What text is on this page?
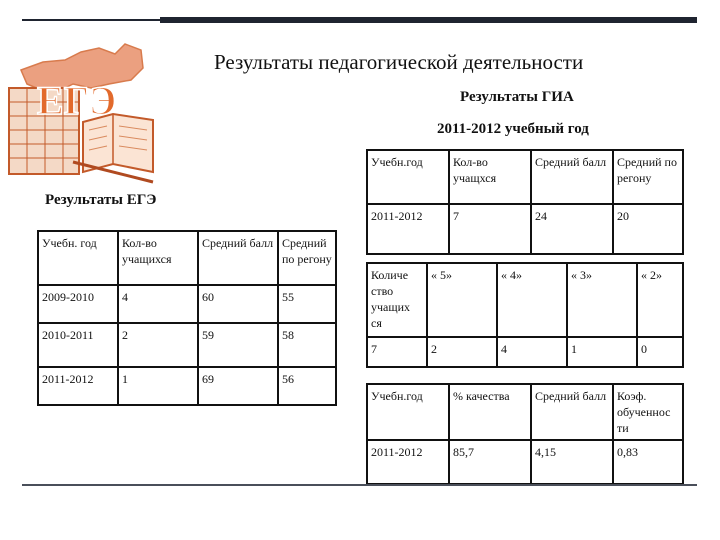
ЕГЭ
Результаты педагогической деятельности
Результаты ГИА
2011-2012 учебный год
Результаты ЕГЭ
Учебн. год	Кол-во учащихся	Средний балл	Средний по регону
2009-2010	4	60	55
2010-2011	2	59	58
2011-2012	1	69	56
Учебн.год	Кол-во учащхся	Средний балл	Средний по регону
2011-2012	7	24	20
Количе ство учащих ся	« 5»	« 4»	« 3»	« 2»
7	2	4	1	0
Учебн.год	% качества	Средний балл	Коэф. обученнос ти
2011-2012	85,7	4,15	0,83
